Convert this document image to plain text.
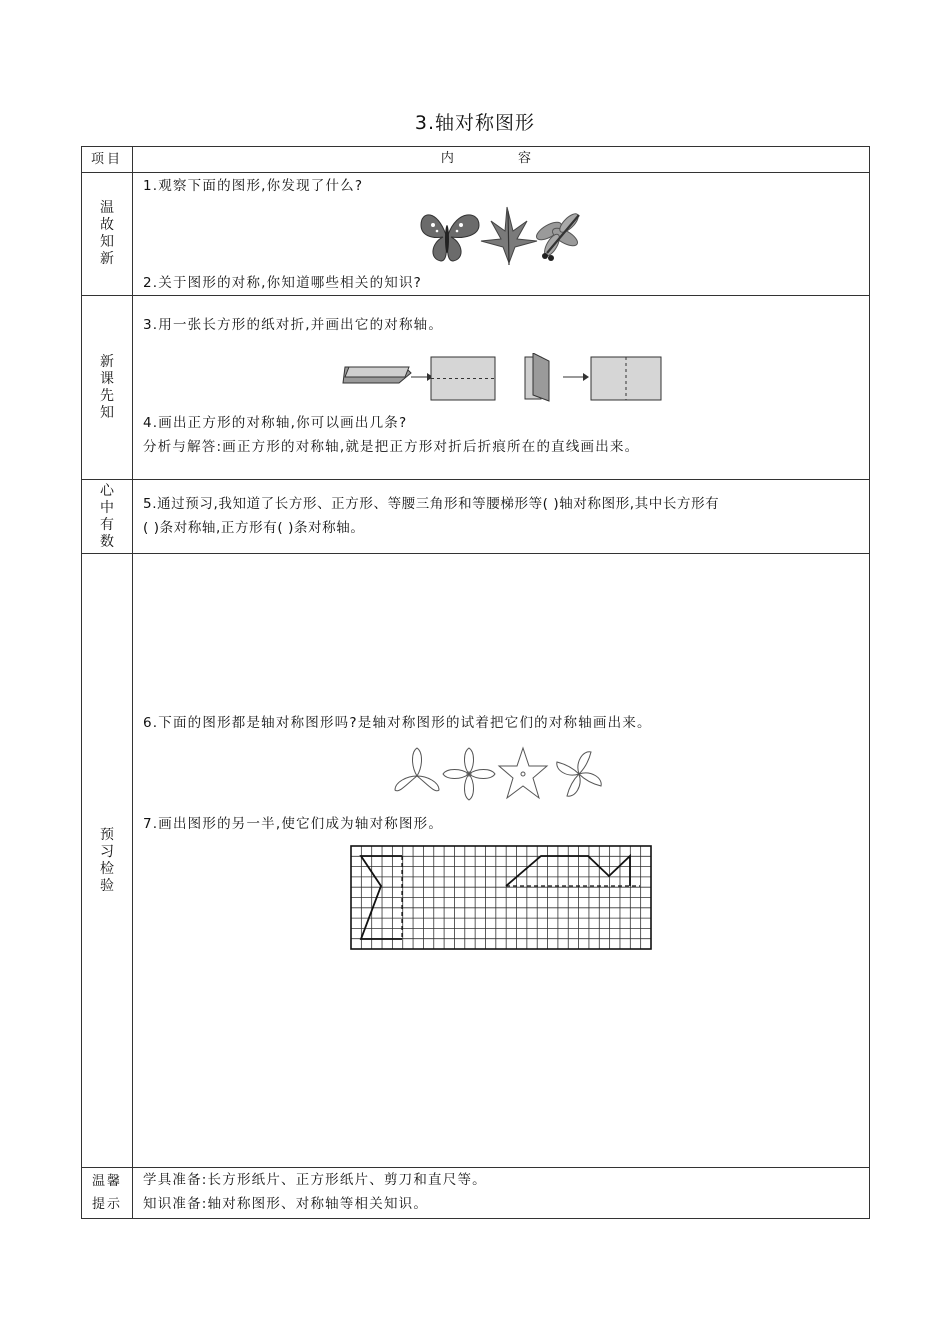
3.轴对称图形
项目	内 容

温故知新	1.观察下面的图形,你发现了什么?
2.关于图形的对称,你知道哪些相关的知识?

新课先知	3.用一张长方形的纸对折,并画出它的对称轴。
4.画出正方形的对称轴,你可以画出几条?
分析与解答:画正方形的对称轴,就是把正方形对折后折痕所在的直线画出来。

心中有数	5.通过预习,我知道了长方形、正方形、等腰三角形和等腰梯形等( )轴对称图形,其中长方形有
( )条对称轴,正方形有( )条对称轴。

预习检验	6.下面的图形都是轴对称图形吗?是轴对称图形的试着把它们的对称轴画出来。
7.画出图形的另一半,使它们成为轴对称图形。

温馨提示	学具准备:长方形纸片、正方形纸片、剪刀和直尺等。
知识准备:轴对称图形、对称轴等相关知识。
